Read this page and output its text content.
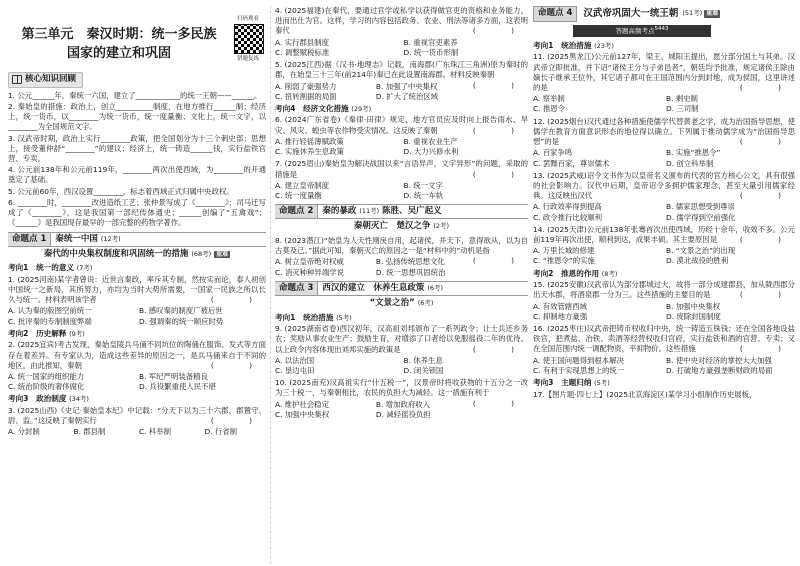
第三单元　秦汉时期：统一多民族
国家的建立和巩固
扫码观看
错题复练
核心知识回顾
1. 公元______年，秦统一六国，建立了____________的统一王朝——______。
2. 秦始皇的措施：政治上，创立__________制度，在地方推行______制；经济上，统一货币，以________为统一货币，统一度量衡；文化上，统一文字，以________为全国规范文字。
3. 汉武帝时期，政治上实行________政策，把全国划分为十三个刺史部；思想上，接受董仲舒“________”的建议；经济上，统一铸造______钱，实行盐铁官营、专卖。
4. 公元前138年和公元前119年，________两次出使西域，为________的开通奠定了基础。
5. 公元前60年，西汉设置________，标志着西域正式归属中央政权。
6. ________时，________改进造纸工艺；张仲景写成了《________》；司马迁写成了《________》，这是我国第一部纪传体通史；______创编了“五禽戏”；《______》是我国现存最早的一部完整的药物学著作。
命题点 1	秦统一中国 (12考)
秦代的中央集权制度和巩固统一的措施 (68考) 重难
考向1　统一的意义 (7考)
1. (2025河南)某学者曾说：近世言秦政，率斥其专制，然按实而论，泰人初创中国统一之新局，其所努力，亦均为当时大势所需要，一国家一民族之所以长久与统一。材料表明该学者	(　)
A. 认为秦的版图空前统一	B. 感叹秦的制度广被后世
C. 批评秦的专制制度弊端	D. 强调秦的统一顺应时势
考向2　历史解释 (9考)
2. (2025宜宾)考古发现，秦始皇陵兵马俑不同坑位的陶俑在服饰、发式等方面存在着差异。有专家认为，造成这些差异的原因之一，是兵马俑来自于不同的地区。由此推知，秦朝	(　)
A. 统一国家的组织能力	B. 军纪严明装备精良
C. 统治阶级的奢侈腐化	D. 兵役繁重使人民不堪
考向3　政治制度 (34考)
3. (2025山西)《史记·秦始皇本纪》中记载：“分天下以为三十六郡，郡置守、尉、监。”这反映了秦朝实行	(　)
A. 分封制	B. 郡县制	C. 科举制	D. 行省制
4. (2025福建)在秦代，要通过官学或私学以获得做官吏的资格和业务能力，进而出仕为官。这样，学习的内容包括政务、农业、刑法等诸多方面，这表明秦代	(　)
A. 实行郡县制度	B. 重视官吏素养
C. 调整赋税标准	D. 统一货币形制
5. (2025江西)据《汉书·地理志》记载，南海郡(广东珠江三角洲)原为秦时的郡，在始皇三十三年(前214年)秦已在此设置南海郡。材料反映秦朝
(　)
A. 削弱了豪强势力	B. 加强了中央集权
C. 扭转割据的局面	D. 扩大了统治区域
考向4　经济文化措施 (29考)
6. (2024广东省卷)《秦律·田律》规定，地方官员应及时向上报告雨水、旱灾、风灾、蝗虫等农作物受灾情况。这反映了秦朝	(　)
A. 推行轻徭薄赋政策	B. 重视农业生产
C. 实施休养生息政策	D. 大力兴修水利
7. (2025眉山)秦始皇为解决战国以来“言语异声，文字异形”的问题，采取的措施是	(　)
A. 建立皇帝制度	B. 统一文字
C. 统一度量衡	D. 统一车轨
命题点 2	秦的暴政 (11考) 陈胜、吴广起义
秦朝灭亡　楚汉之争 (2考)
8. (2023潜江)“始皇为人天性刚戾自用，起诸侯，并天下，意得欲从，以为自古莫及己。”据此可知，秦朝灭亡的原因之一是“材料中的”动机是指
(　)
A. 树立皇帝绝对权威	B. 弘扬传统思想文化
C. 消灭种种异端学说	D. 统一思想巩固统治
命题点 3	西汉的建立　休养生息政策 (6考)
“文景之治” (6考)
考向1　统治措施 (5考)
9. (2025湖南省卷)西汉初年，汉高祖刘邦颁布了一系列政令；让士兵还乡务农；奖励从事农业生产；鼓励生育，对增添了口者给以免服徭役二年的优待。以上政令内容体现出刘邦实施的政策是	(　)
A. 以法治国	B. 休养生息
C. 垦边屯田	D. 闭关锁国
10. (2025南充)汉高祖实行“什五税一”，汉景帝时将收获物的十五分之一改为三十税一，与秦朝相比，农民的负担大为减轻。这一措施有利于
(　)
A. 维护社会稳定	B. 增加政府收入
C. 加强中央集权	D. 减轻徭役负担
命题点 4	汉武帝巩固大一统王朝 (51考) 重难
答题高频考点$^{5443}$
考向1　统治措施 (23考)
11. (2025黑龙江)公元前127年，梁王、城阳王提出，愿分部分国土与其弟。汉武帝立即批准，并下诏“诸侯王分与子弟邑者”，朝廷均予批准，规定诸侯王除由嫡长子继承王位外，其它诸子都可在王国范围内分到封地，成为侯国，这里讲述的是	(　)
A. 察举制	B. 剩史制
C. 推恩令	D. 三司制
12. (2025烟台)汉代通过各种措施使儒学代替黄老之学，成为治国指导思想，使儒学在教育方面意识形态的地位得以确立。下列属于推动儒学成为“治国指导思想”的是	(　)
A. 百家争鸣	B. 实施“推恩令”
C. 罢黜百家，尊崇儒术	D. 创立科举制
13. (2025武威)诏令文书作为以皇帝名义颁布的代表的官方核心公文，具有很强的社会影响力。汉代中后期，皇帝诏令多拥护儒家理念，甚至大量引用儒家经典。这反映出汉代	(　)
A. 行政效率得到提高	B. 儒家思想受到尊崇
C. 政令推行比较顺利	D. 儒学得到空前强化
14. (2025天津)公元前138年张骞首次出使西域，历经十余年，收效不多。公元前119年再次出使，顺利到达，成果丰硕。其主要原因是	(　)
A. 万里长城的修建	B. “文景之治”的出现
C. “推恩令”的实施	D. 漠北战役的胜利
考向2　推恩的作用 (8考)
15. (2025安徽)汉武帝认为部分郡城过大，故将一部分成建郡县，加从陇西郡分出天水郡，将酒泉郡一分为三。这些措施的主要目的是	(　)
A. 有效管辖西域	B. 加强中央集权
C. 抑制地方豪强	D. 废除封国制度
16. (2025枣庄)汉武帝把铸币权收归中央，统一铸造五铢钱；还在全国各地设盐铁官，把煮盐、冶铁、卖酒等经营权收归官府，实行盐铁和酒的官营、专卖；又在全国范围内统一调配物资，平抑物价。这些措施	(　)
A. 使王国问题得到根本解决	B. 使中央对经济的掌控大大加强
C. 有利于实现思想上的统一	D. 打破地方豪强垄断财政的局面
考向3　主题归纳 (5考)
17.【图片题·四七上】(2025北京海淀区)某学习小组制作历史展板，
